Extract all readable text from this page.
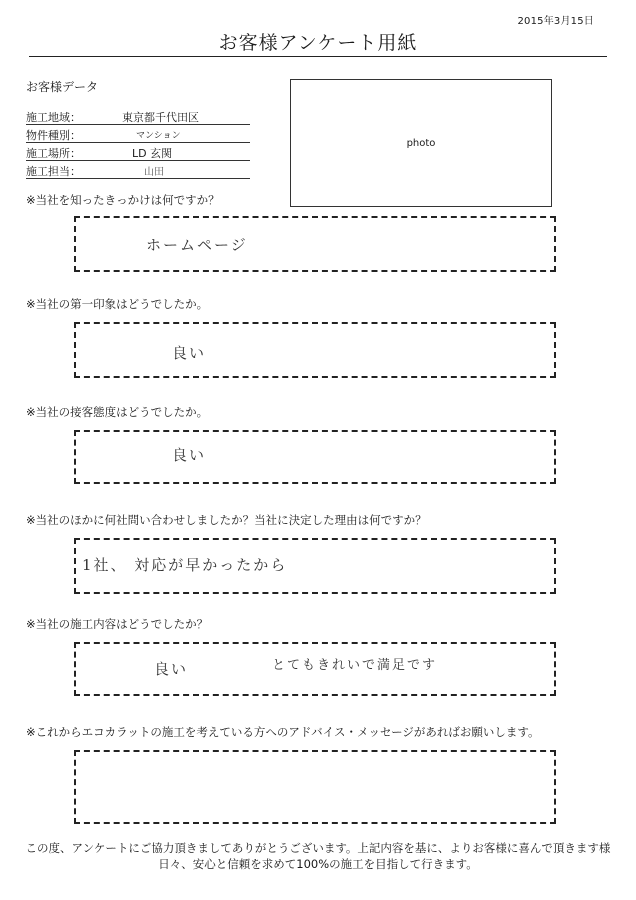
2015年3月15日
お客様アンケート用紙
お客様データ
施工地域：	東京都千代田区
物件種別：	マンション
施工場所：	LD 玄関
施工担当：	山田
photo
※当社を知ったきっかけは何ですか？
ホームページ
※当社の第一印象はどうでしたか。
良い
※当社の接客態度はどうでしたか。
良い
※当社のほかに何社問い合わせしましたか？当社に決定した理由は何ですか？
1社、 対応が早かったから
※当社の施工内容はどうでしたか？
良い	とてもきれいで満足です
※これからエコカラットの施工を考えている方へのアドバイス・メッセージがあればお願いします。
この度、アンケートにご協力頂きましてありがとうございます。上記内容を基に、よりお客様に喜んで頂きます様
日々、安心と信頼を求めて100%の施工を目指して行きます。
